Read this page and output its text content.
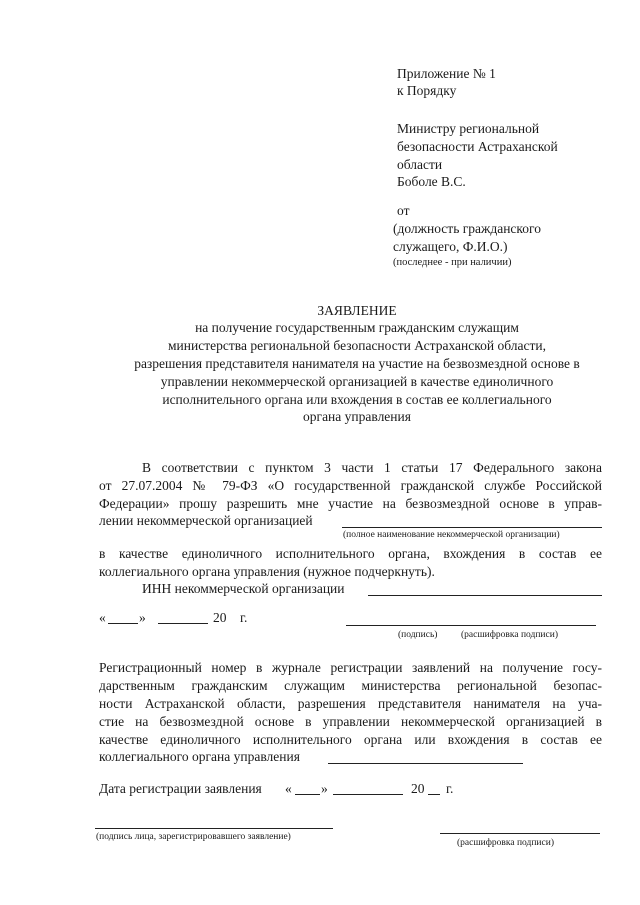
Приложение № 1
к Порядку
Министру региональной
безопасности Астраханской
области
Боболе В.С.
от
(должность гражданского
служащего, Ф.И.О.)
(последнее - при наличии)
ЗАЯВЛЕНИЕ
на получение государственным гражданским служащим
министерства региональной безопасности Астраханской области,
разрешения представителя нанимателя на участие на безвозмездной основе в
управлении некоммерческой организацией в качестве единоличного
исполнительного органа или вхождения в состав ее коллегиального
органа управления
В соответствии с пунктом 3 части 1 статьи 17 Федерального закона
от 27.07.2004 № 79-ФЗ «О государственной гражданской службе Российской
Федерации» прошу разрешить мне участие на безвозмездной основе в управ-
лении некоммерческой организацией
(полное наименование некоммерческой организации)
в качестве единоличного исполнительного органа, вхождения в состав ее
коллегиального органа управления (нужное подчеркнуть).
ИНН некоммерческой организации
« »	20 г.
(подпись) (расшифровка подписи)
Регистрационный номер в журнале регистрации заявлений на получение госу-
дарственным гражданским служащим министерства региональной безопас-
ности Астраханской области, разрешения представителя нанимателя на уча-
стие на безвозмездной основе в управлении некоммерческой организацией в
качестве единоличного исполнительного органа или вхождения в состав ее
коллегиального органа управления
Дата регистрации заявления « »	20 г.
(подпись лица, зарегистрировавшего заявление)
(расшифровка подписи)
